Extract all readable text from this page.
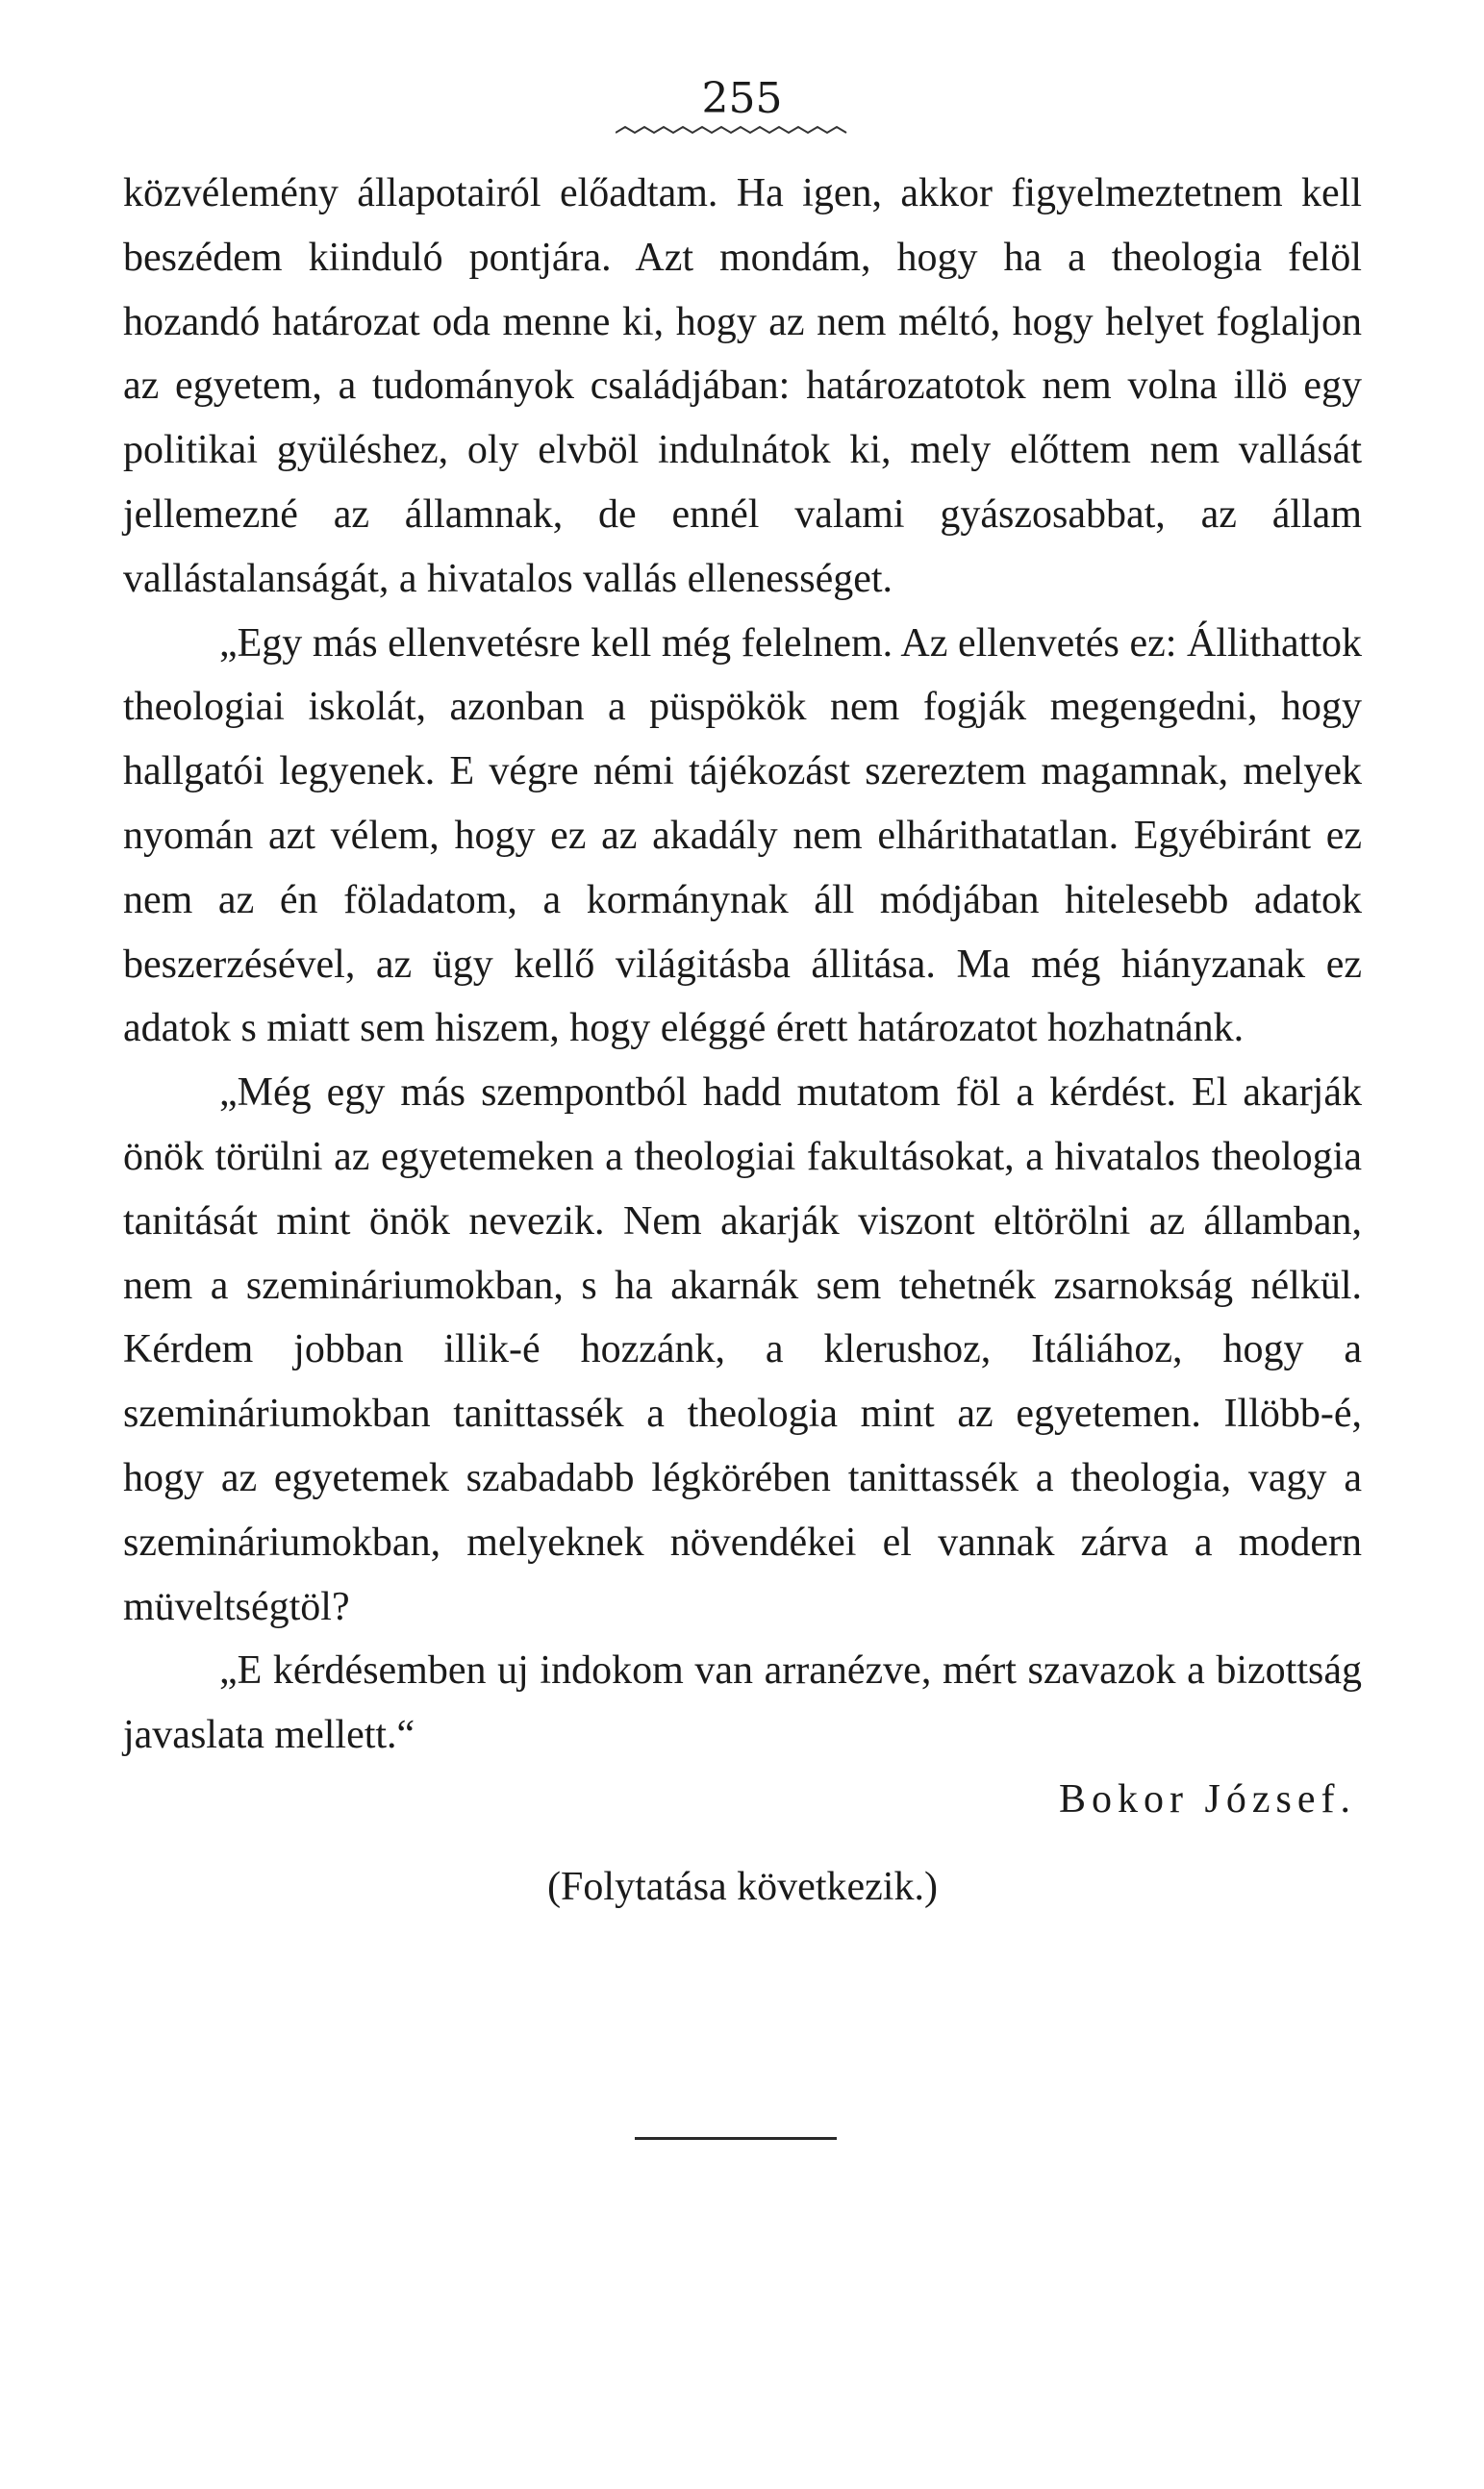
255

közvélemény állapotairól előadtam. Ha igen, akkor figyelmeztetnem kell beszédem kiinduló pontjára. Azt mondám, hogy ha a theologia felöl hozandó határozat oda menne ki, hogy az nem méltó, hogy helyet foglaljon az egyetem, a tudományok családjában: határozatotok nem volna illö egy politikai gyüléshez, oly elvböl indulnátok ki, mely előttem nem vallását jellemezné az államnak, de ennél valami gyászosabbat, az állam vallástalanságát, a hivatalos vallás ellenességet.

„Egy más ellenvetésre kell még felelnem. Az ellenvetés ez: Állithattok theologiai iskolát, azonban a püspökök nem fogják megengedni, hogy hallgatói legyenek. E végre némi tájékozást szereztem magamnak, melyek nyomán azt vélem, hogy ez az akadály nem elhárithatatlan. Egyébiránt ez nem az én föladatom, a kormánynak áll módjában hitelesebb adatok beszerzésével, az ügy kellő világitásba állitása. Ma még hiányzanak ez adatok s miatt sem hiszem, hogy eléggé érett határozatot hozhatnánk.

„Még egy más szempontból hadd mutatom föl a kérdést. El akarják önök törülni az egyetemeken a theologiai fakultásokat, a hivatalos theologia tanitását mint önök nevezik. Nem akarják viszont eltörölni az államban, nem a szemináriumokban, s ha akarnák sem tehetnék zsarnokság nélkül. Kérdem jobban illik-é hozzánk, a klerushoz, Itáliához, hogy a szemináriumokban tanittassék a theologia mint az egyetemen. Illöbb-é, hogy az egyetemek szabadabb légkörében tanittassék a theologia, vagy a szemináriumokban, melyeknek növendékei el vannak zárva a modern müveltségtöl?

„E kérdésemben uj indokom van arranézve, mért szavazok a bizottság javaslata mellett.“

Bokor József.

(Folytatása következik.)
